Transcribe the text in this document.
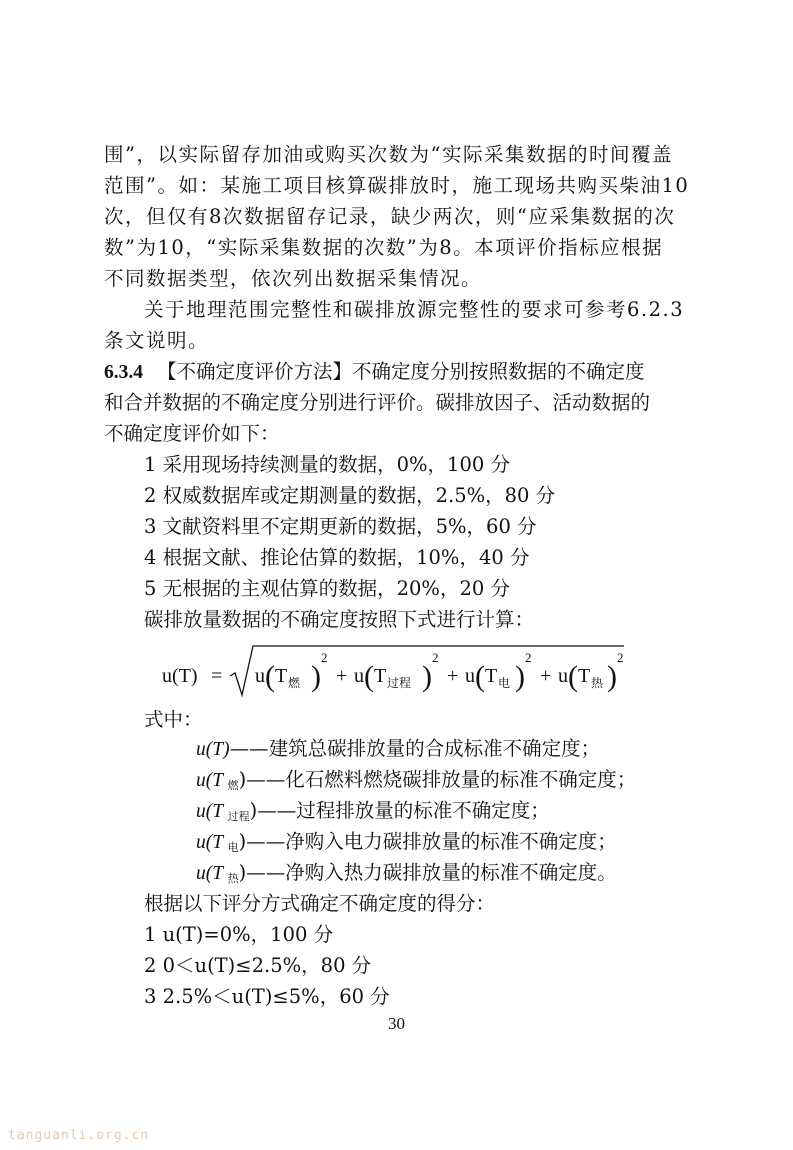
围”，以实际留存加油或购买次数为“实际采集数据的时间覆盖
范围”。如：某施工项目核算碳排放时，施工现场共购买柴油10
次，但仅有8次数据留存记录，缺少两次，则“应采集数据的次
数”为10，“实际采集数据的次数”为8。本项评价指标应根据
不同数据类型，依次列出数据采集情况。
关于地理范围完整性和碳排放源完整性的要求可参考6.2.3
条文说明。
6.3.4 【不确定度评价方法】不确定度分别按照数据的不确定度
和合并数据的不确定度分别进行评价。碳排放因子、活动数据的
不确定度评价如下：
1 采用现场持续测量的数据，0%，100 分
2 权威数据库或定期测量的数据，2.5%，80 分
3 文献资料里不定期更新的数据，5%，60 分
4 根据文献、推论估算的数据，10%，40 分
5 无根据的主观估算的数据，20%，20 分
碳排放量数据的不确定度按照下式进行计算：
u(T) = u ( T 燃 )
2
+ u ( T 过程 )
2
+ u ( T 电 )
2
+ u ( T 热 )
2
式中：
u(T)——建筑总碳排放量的合成标准不确定度；
u(T $_燃$)——化石燃料燃烧碳排放量的标准不确定度；
u(T $_{过程}$)——过程排放量的标准不确定度；
u(T $_电$)——净购入电力碳排放量的标准不确定度；
u(T $_热$)——净购入热力碳排放量的标准不确定度。
根据以下评分方式确定不确定度的得分：
1 u(T)=0%，100 分
2 0＜u(T)≤2.5%，80 分
3 2.5%＜u(T)≤5%，60 分
30
tanguanli.org.cn
